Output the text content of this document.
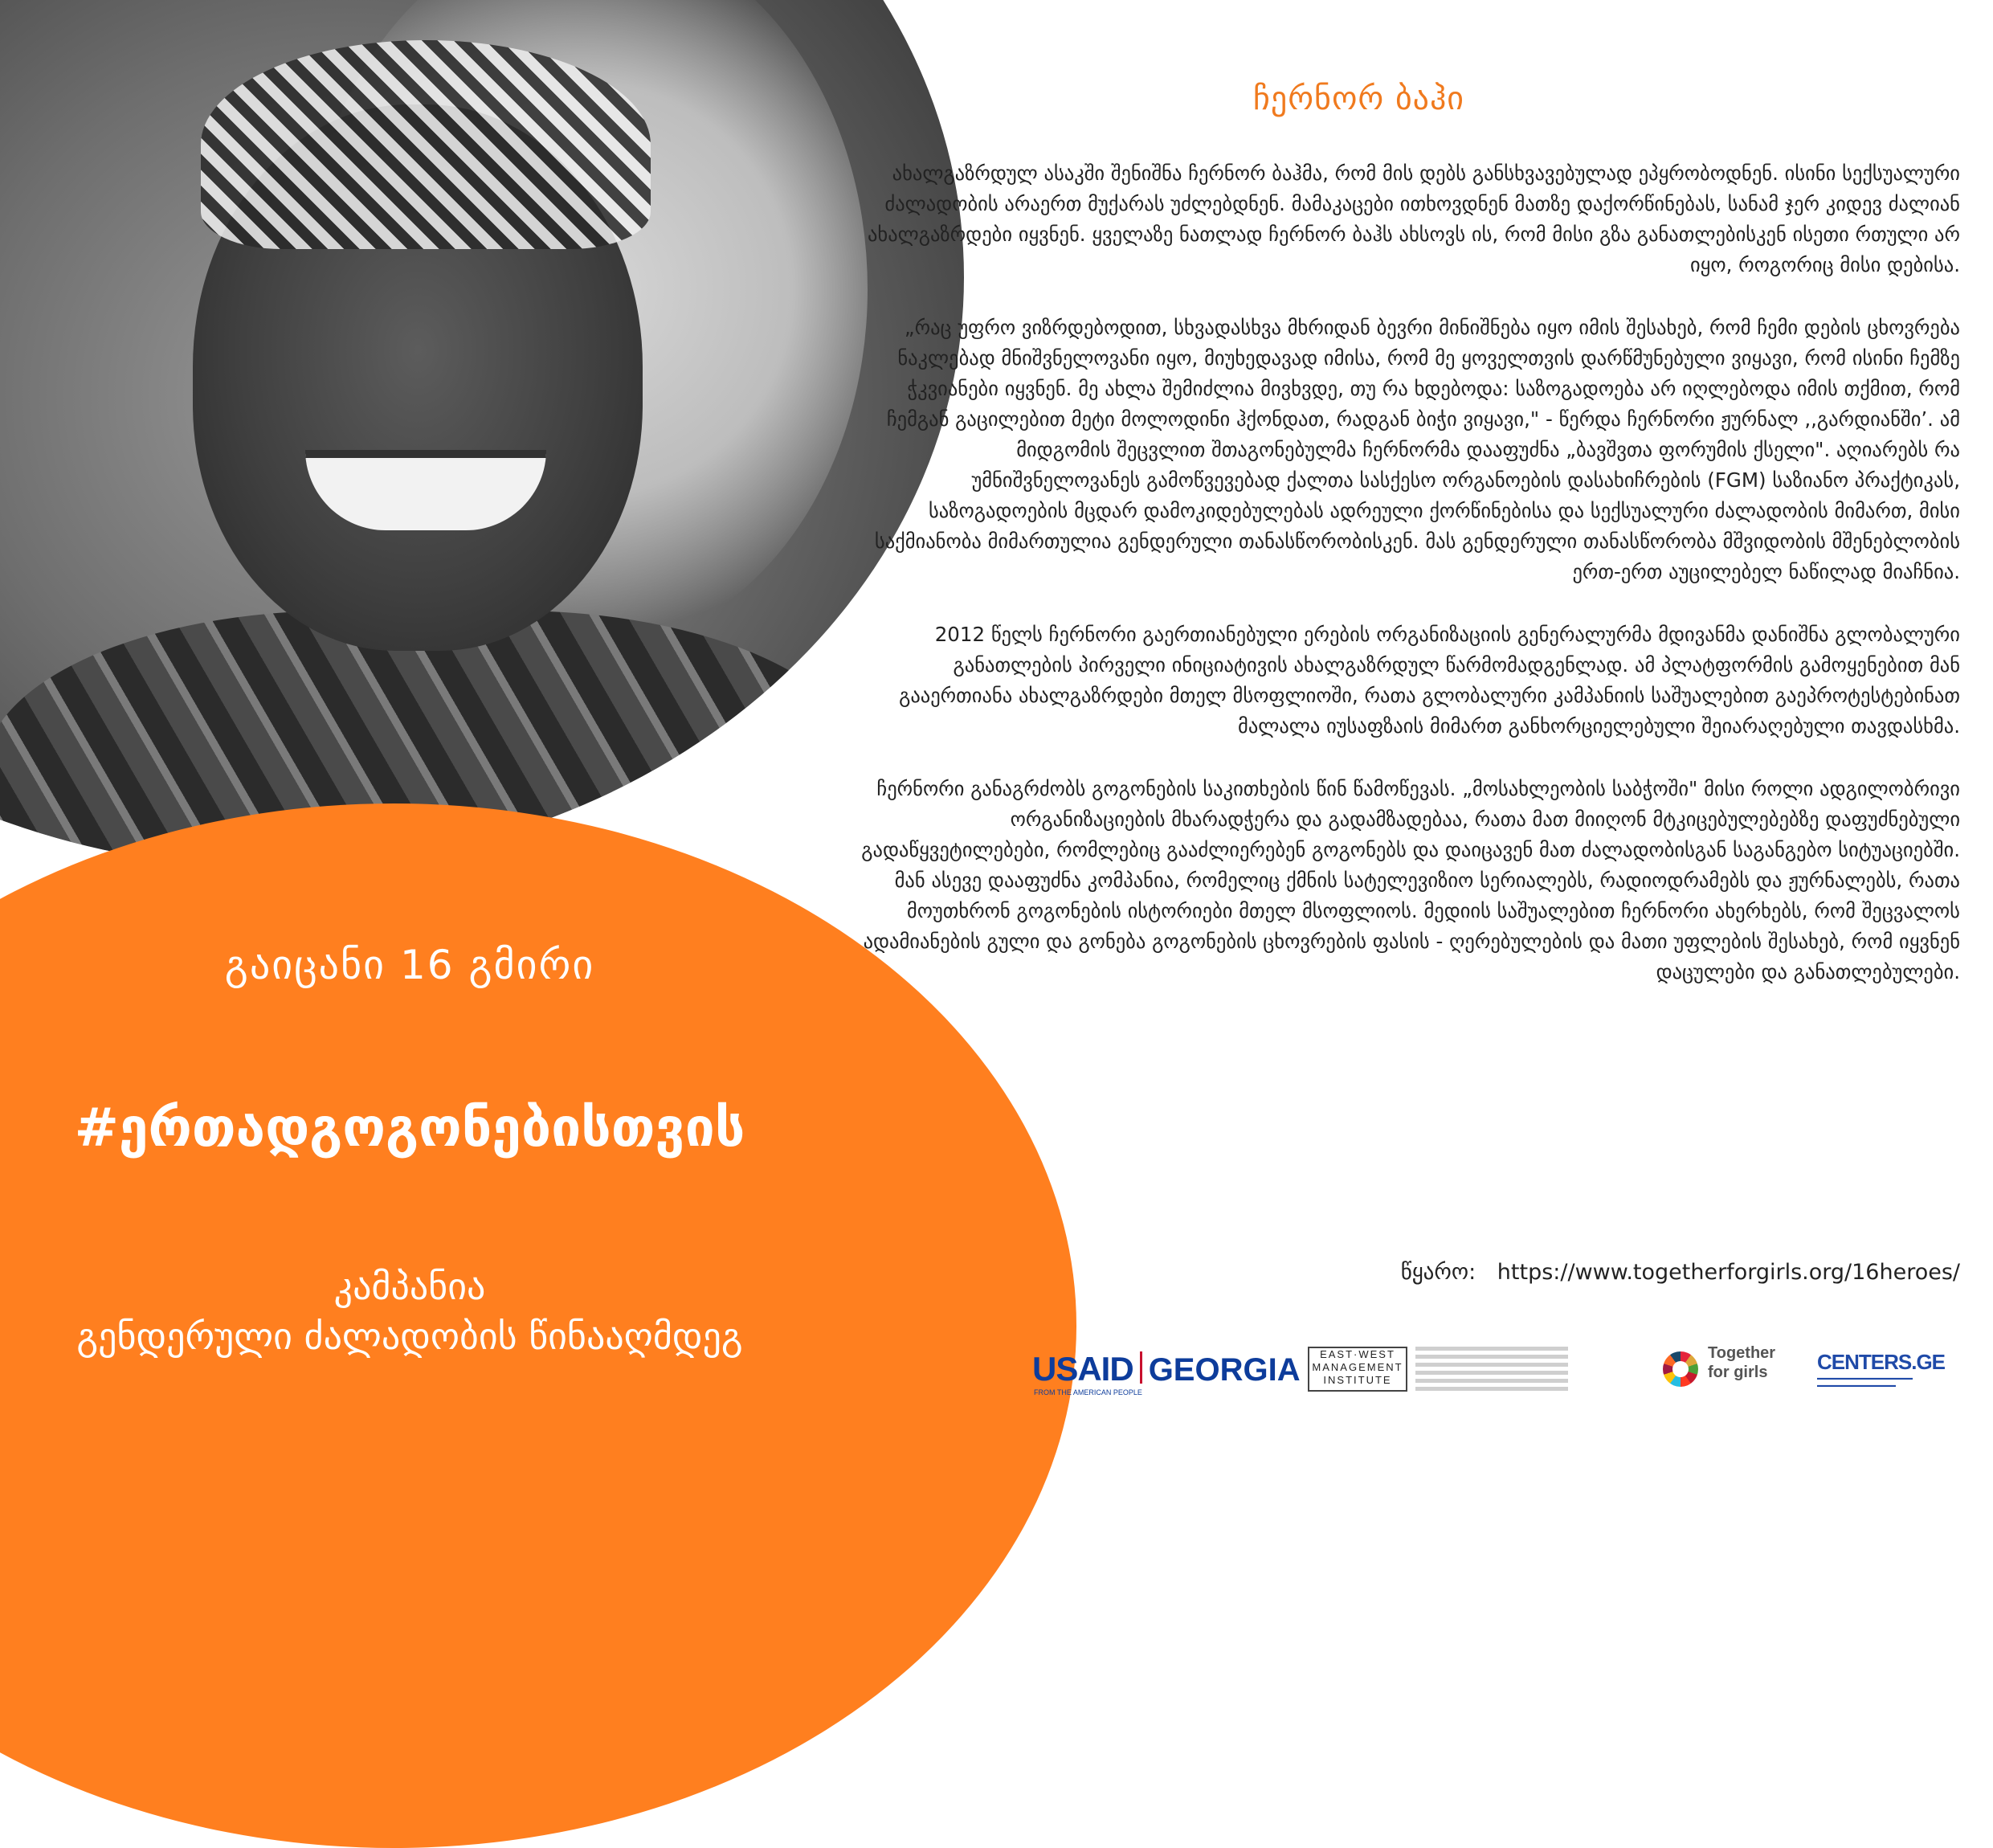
გაიცანი 16 გმირი

#ერთადგოგონებისთვის

კამპანია
გენდერული ძალადობის წინააღმდეგ

ჩერნორ ბაჰი

ახალგაზრდულ ასაკში შენიშნა ჩერნორ ბაჰმა, რომ მის დებს განსხვავებულად ეპყრობოდნენ. ისინი სექსუალური ძალადობის არაერთ მუქარას უძლებდნენ. მამაკაცები ითხოვდნენ მათზე დაქორწინებას, სანამ ჯერ კიდევ ძალიან ახალგაზრდები იყვნენ. ყველაზე ნათლად ჩერნორ ბაჰს ახსოვს ის, რომ მისი გზა განათლებისკენ ისეთი რთული არ იყო, როგორიც მისი დებისა.

„რაც უფრო ვიზრდებოდით, სხვადასხვა მხრიდან ბევრი მინიშნება იყო იმის შესახებ, რომ ჩემი დების ცხოვრება ნაკლებად მნიშვნელოვანი იყო, მიუხედავად იმისა, რომ მე ყოველთვის დარწმუნებული ვიყავი, რომ ისინი ჩემზე ჭკვიანები იყვნენ. მე ახლა შემიძლია მივხვდე, თუ რა ხდებოდა: საზოგადოება არ იღლებოდა იმის თქმით, რომ ჩემგან გაცილებით მეტი მოლოდინი ჰქონდათ, რადგან ბიჭი ვიყავი," - წერდა ჩერნორი ჟურნალ ,,გარდიანში’. ამ მიდგომის შეცვლით შთაგონებულმა ჩერნორმა დააფუძნა „ბავშვთა ფორუმის ქსელი". აღიარებს რა უმნიშვნელოვანეს გამოწვევებად ქალთა სასქესო ორგანოების დასახიჩრების (FGM) საზიანო პრაქტიკას, საზოგადოების მცდარ დამოკიდებულებას ადრეული ქორწინებისა და სექსუალური ძალადობის მიმართ, მისი საქმიანობა მიმართულია გენდერული თანასწორობისკენ. მას გენდერული თანასწორობა მშვიდობის მშენებლობის ერთ-ერთ აუცილებელ ნაწილად მიაჩნია.

2012 წელს ჩერნორი გაერთიანებული ერების ორგანიზაციის გენერალურმა მდივანმა დანიშნა გლობალური განათლების პირველი ინიციატივის ახალგაზრდულ წარმომადგენლად. ამ პლატფორმის გამოყენებით მან გააერთიანა ახალგაზრდები მთელ მსოფლიოში, რათა გლობალური კამპანიის საშუალებით გაეპროტესტებინათ მალალა იუსაფზაის მიმართ განხორციელებული შეიარაღებული თავდასხმა.

ჩერნორი განაგრძობს გოგონების საკითხების წინ წამოწევას. „მოსახლეობის საბჭოში" მისი როლი ადგილობრივი ორგანიზაციების მხარადჭერა და გადამზადებაა, რათა მათ მიიღონ მტკიცებულებებზე დაფუძნებული გადაწყვეტილებები, რომლებიც გააძლიერებენ გოგონებს და დაიცავენ მათ ძალადობისგან საგანგებო სიტუაციებში. მან ასევე დააფუძნა კომპანია, რომელიც ქმნის სატელევიზიო სერიალებს, რადიოდრამებს და ჟურნალებს, რათა მოუთხრონ გოგონების ისტორიები მთელ მსოფლიოს. მედიის საშუალებით ჩერნორი ახერხებს, რომ შეცვალოს ადამიანების გული და გონება გოგონების ცხოვრების ფასის - ღერებულების და მათი უფლების შესახებ, რომ იყვნენ დაცულები და განათლებულები.

წყარო: https://www.togetherforgirls.org/16heroes/

USAID GEORGIA
FROM THE AMERICAN PEOPLE
EAST·WEST MANAGEMENT INSTITUTE
Together
for girls	CENTERS.GE
▬▬▬▬▬▬▬▬▬▬▬▬▬▬▬▬▬
▬▬▬▬▬▬▬▬▬▬▬▬▬▬
